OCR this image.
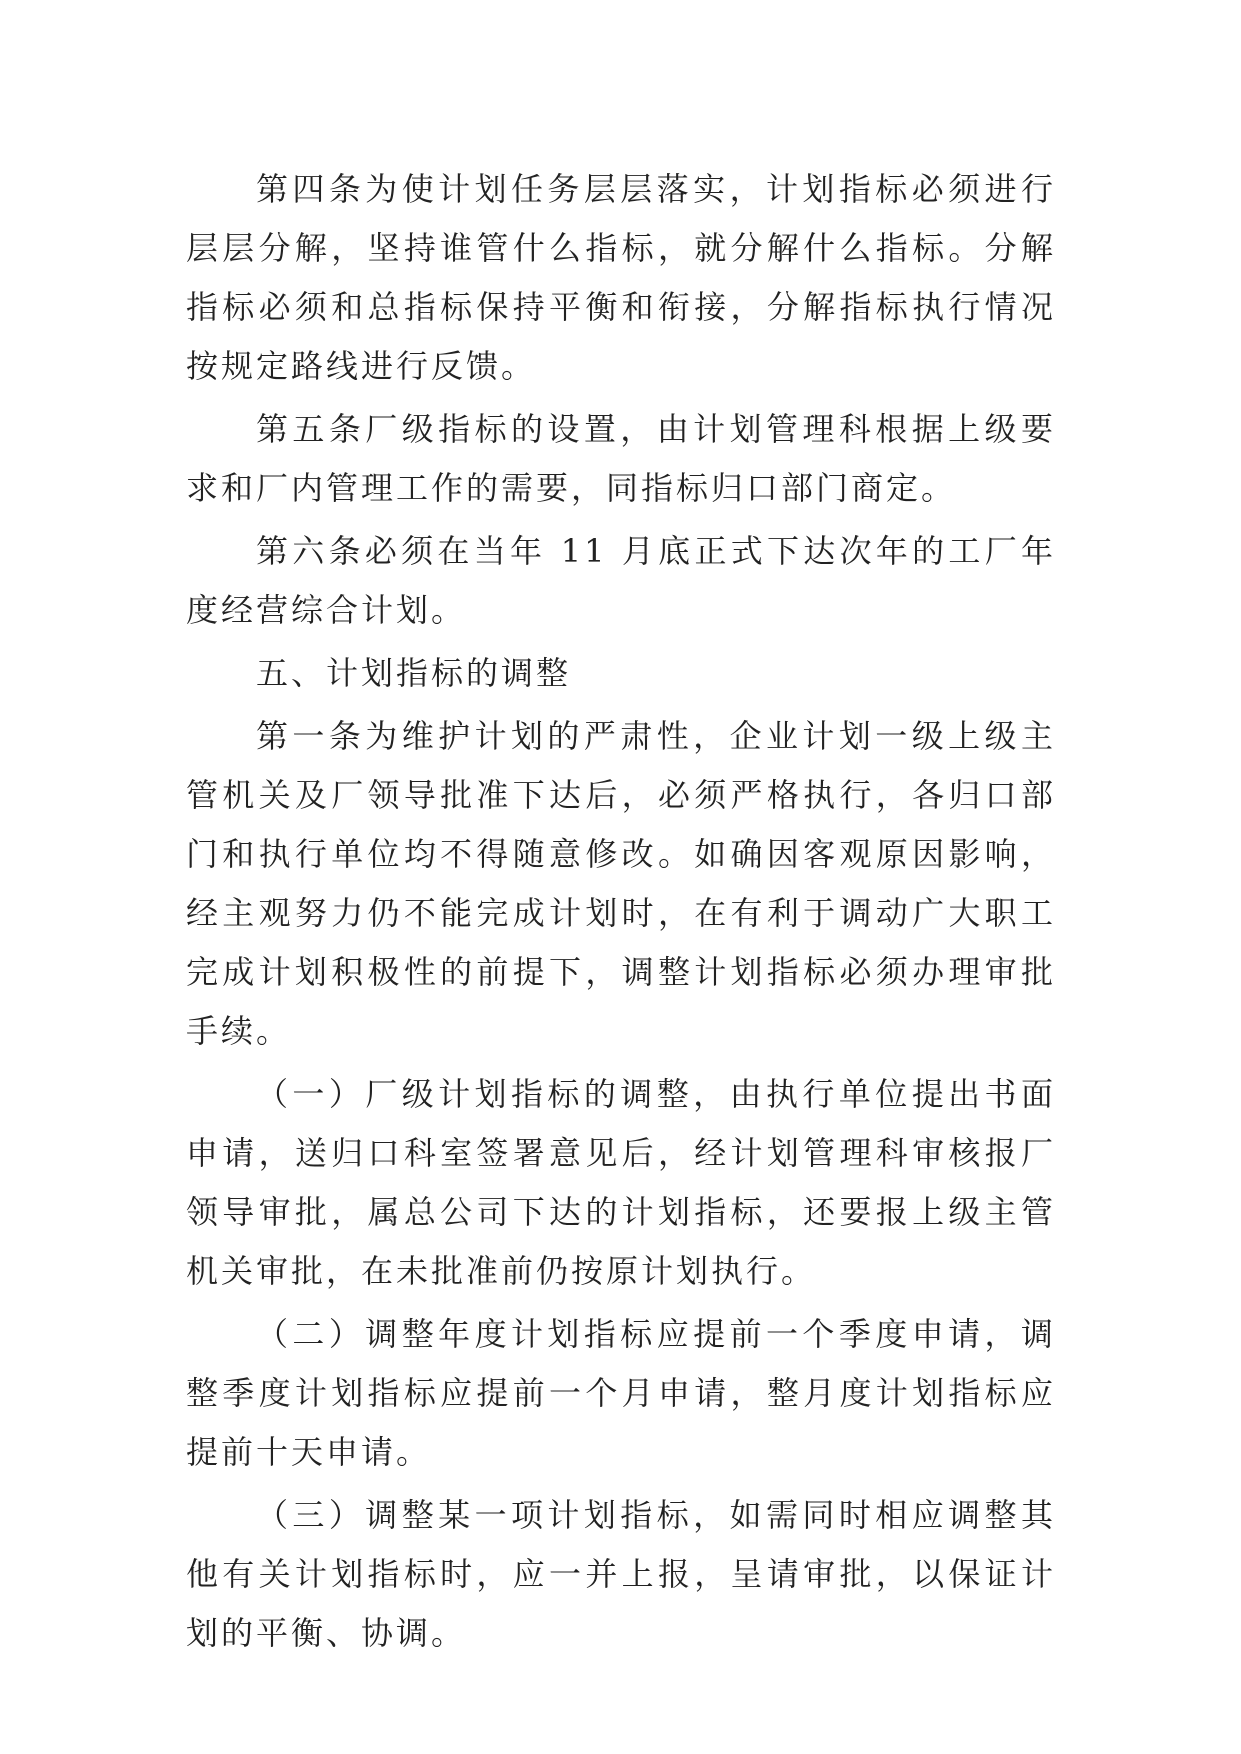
第四条为使计划任务层层落实，计划指标必须进行层层分解，坚持谁管什么指标，就分解什么指标。分解指标必须和总指标保持平衡和衔接，分解指标执行情况按规定路线进行反馈。

第五条厂级指标的设置，由计划管理科根据上级要求和厂内管理工作的需要，同指标归口部门商定。

第六条必须在当年 11 月底正式下达次年的工厂年度经营综合计划。

五、计划指标的调整

第一条为维护计划的严肃性，企业计划一级上级主管机关及厂领导批准下达后，必须严格执行，各归口部门和执行单位均不得随意修改。如确因客观原因影响，经主观努力仍不能完成计划时，在有利于调动广大职工完成计划积极性的前提下，调整计划指标必须办理审批手续。

（一）厂级计划指标的调整，由执行单位提出书面申请，送归口科室签署意见后，经计划管理科审核报厂领导审批，属总公司下达的计划指标，还要报上级主管机关审批，在未批准前仍按原计划执行。

（二）调整年度计划指标应提前一个季度申请，调整季度计划指标应提前一个月申请，整月度计划指标应提前十天申请。

（三）调整某一项计划指标，如需同时相应调整其他有关计划指标时，应一并上报，呈请审批，以保证计划的平衡、协调。
